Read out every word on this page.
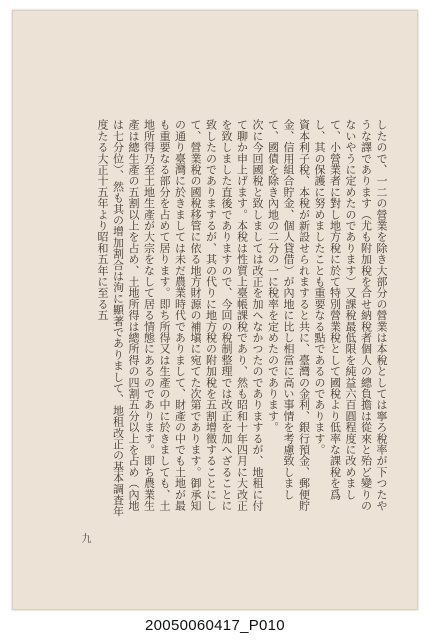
したので、一二の營業を除き大部分の營業は本稅としては寧ろ稅率が下つたやうな譯であります（尤も附加稅を合せ納稅者個人の總負擔は從來と殆ど變りのないやうに定めたのであります）又課稅最低限を純益六百圓程度に改めまして、小營業者に對し地方稅に於て特別營業稅として國稅より低率な課稅を爲し、其の保護に努めましたことも重要なる點であるのであります。

資本利子稅、本稅が新設せられますると共に、臺灣の金利、銀行預金、郵便貯金、信用組合貯金、個人貸借）が內地に比し相當に高い事情を考慮致しまして、國債を除き內地の二分の一に稅率を定めたのであります。

次に今回國稅と致しましては改正を加へなかつたのでありまするが、地租に付て聊か申上げます。本稅は性質上臺帳課稅であり、然も昭和十年四月に大改正を致しました直後でありますので、今回の稅制整理では改正を加へざることに致したのでありまするが、其の代りに地方稅の附加稅を五割增徵することにして、營業稅の國稅移管に依る地方財源の補塡に宛てた次第であります。御承知の通り臺灣に於きましては未だ農業時代でありまして、財產の中でも土地が最も重要なる部分を占めて居ります。即ち所得又は生產の中に於きましても、土地所得乃至土地生產が大宗をなして居る情態にあるのであります。即ち農業生產は總生產の五割以上を占め、土地所得は總所得の四割五分以上を占め（內地は七分位）、然も其の增加割合は洵に顯著でありまして、地租改正の基本調査年度たる大正十五年より昭和五年に至る五

九
20050060417_P010
